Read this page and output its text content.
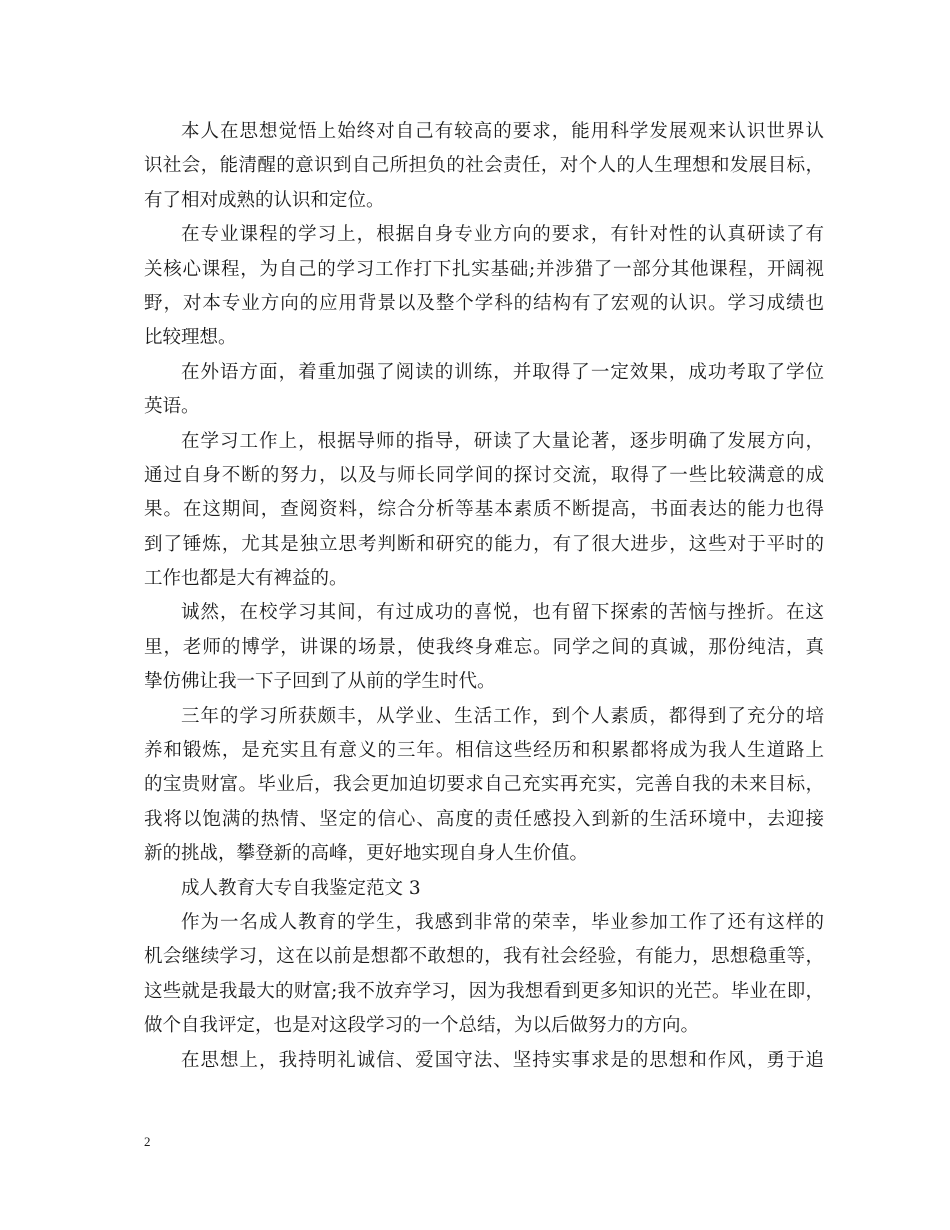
本人在思想觉悟上始终对自己有较高的要求，能用科学发展观来认识世界认
识社会，能清醒的意识到自己所担负的社会责任，对个人的人生理想和发展目标，
有了相对成熟的认识和定位。
在专业课程的学习上，根据自身专业方向的要求，有针对性的认真研读了有
关核心课程，为自己的学习工作打下扎实基础;并涉猎了一部分其他课程，开阔视
野，对本专业方向的应用背景以及整个学科的结构有了宏观的认识。学习成绩也
比较理想。
在外语方面，着重加强了阅读的训练，并取得了一定效果，成功考取了学位
英语。
在学习工作上，根据导师的指导，研读了大量论著，逐步明确了发展方向，
通过自身不断的努力，以及与师长同学间的探讨交流，取得了一些比较满意的成
果。在这期间，查阅资料，综合分析等基本素质不断提高，书面表达的能力也得
到了锤炼，尤其是独立思考判断和研究的能力，有了很大进步，这些对于平时的
工作也都是大有裨益的。
诚然，在校学习其间，有过成功的喜悦，也有留下探索的苦恼与挫折。在这
里，老师的博学，讲课的场景，使我终身难忘。同学之间的真诚，那份纯洁，真
挚仿佛让我一下子回到了从前的学生时代。
三年的学习所获颇丰，从学业、生活工作，到个人素质，都得到了充分的培
养和锻炼，是充实且有意义的三年。相信这些经历和积累都将成为我人生道路上
的宝贵财富。毕业后，我会更加迫切要求自己充实再充实，完善自我的未来目标，
我将以饱满的热情、坚定的信心、高度的责任感投入到新的生活环境中，去迎接
新的挑战，攀登新的高峰，更好地实现自身人生价值。
成人教育大专自我鉴定范文 3
作为一名成人教育的学生，我感到非常的荣幸，毕业参加工作了还有这样的
机会继续学习，这在以前是想都不敢想的，我有社会经验，有能力，思想稳重等，
这些就是我最大的财富;我不放弃学习，因为我想看到更多知识的光芒。毕业在即，
做个自我评定，也是对这段学习的一个总结，为以后做努力的方向。
在思想上，我持明礼诚信、爱国守法、坚持实事求是的思想和作风，勇于追
2
